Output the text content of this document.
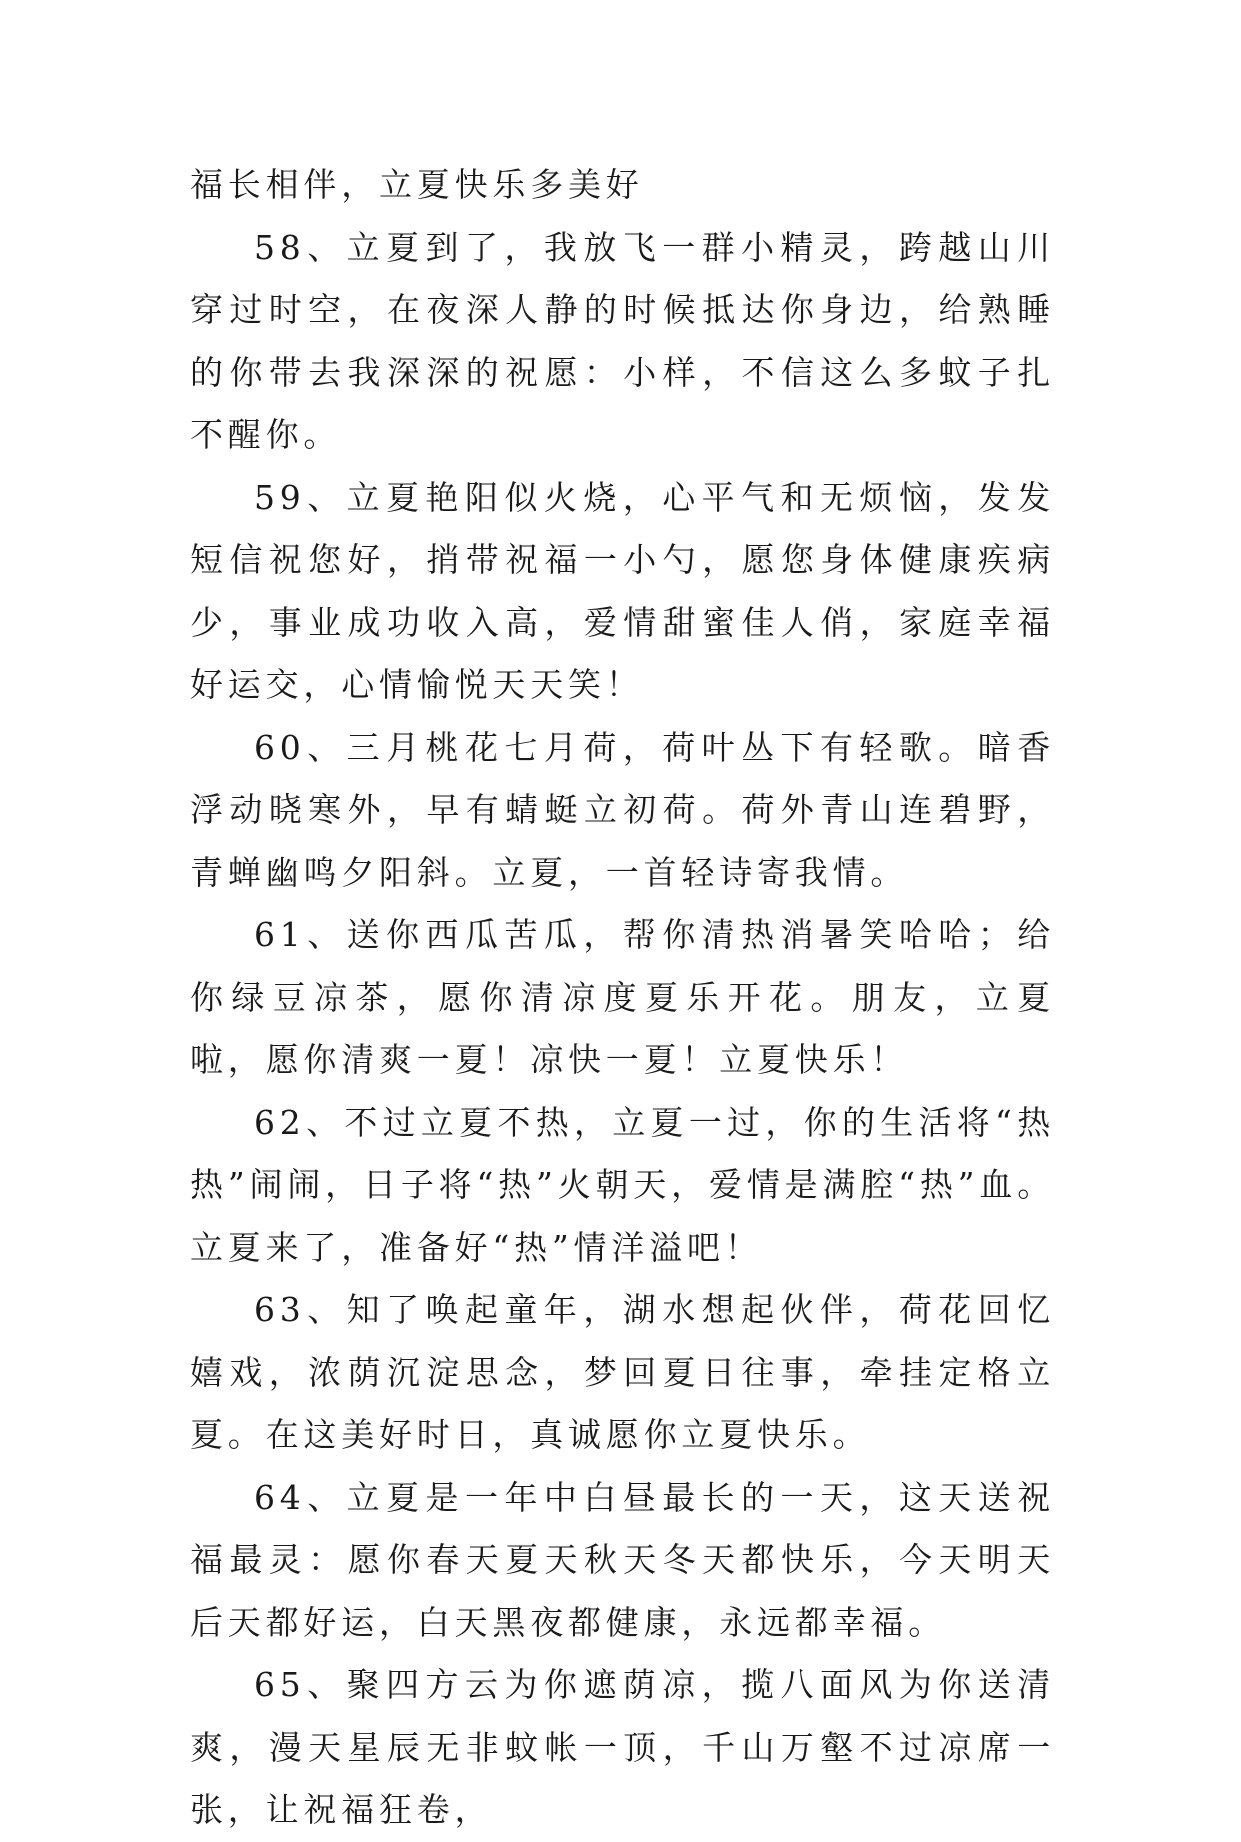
福长相伴，立夏快乐多美好

58、立夏到了，我放飞一群小精灵，跨越山川穿过时空，在夜深人静的时候抵达你身边，给熟睡的你带去我深深的祝愿：小样，不信这么多蚊子扎不醒你。

59、立夏艳阳似火烧，心平气和无烦恼，发发短信祝您好，捎带祝福一小勺，愿您身体健康疾病少，事业成功收入高，爱情甜蜜佳人俏，家庭幸福好运交，心情愉悦天天笑！

60、三月桃花七月荷，荷叶丛下有轻歌。暗香浮动晓寒外，早有蜻蜓立初荷。荷外青山连碧野，青蝉幽鸣夕阳斜。立夏，一首轻诗寄我情。

61、送你西瓜苦瓜，帮你清热消暑笑哈哈；给你绿豆凉茶，愿你清凉度夏乐开花。朋友，立夏啦，愿你清爽一夏！凉快一夏！立夏快乐！

62、不过立夏不热，立夏一过，你的生活将“热热”闹闹，日子将“热”火朝天，爱情是满腔“热”血。立夏来了，准备好“热”情洋溢吧！

63、知了唤起童年，湖水想起伙伴，荷花回忆嬉戏，浓荫沉淀思念，梦回夏日往事，牵挂定格立夏。在这美好时日，真诚愿你立夏快乐。

64、立夏是一年中白昼最长的一天，这天送祝福最灵：愿你春天夏天秋天冬天都快乐，今天明天后天都好运，白天黑夜都健康，永远都幸福。

65、聚四方云为你遮荫凉，揽八面风为你送清爽，漫天星辰无非蚊帐一顶，千山万壑不过凉席一张，让祝福狂卷，
